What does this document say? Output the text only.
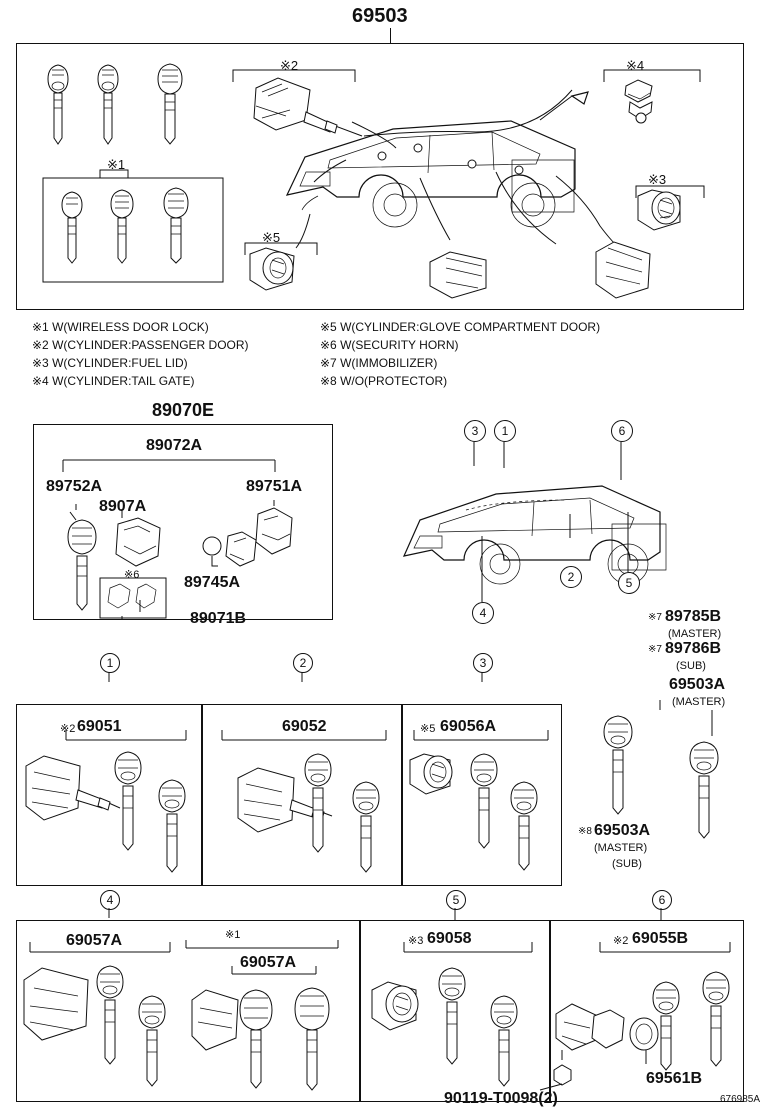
69503
※2	※4
※3
※5
※1
※1 W(WIRELESS DOOR LOCK)
※2 W(CYLINDER:PASSENGER DOOR)
※3 W(CYLINDER:FUEL LID)
※4 W(CYLINDER:TAIL GATE)
※5 W(CYLINDER:GLOVE COMPARTMENT DOOR)
※6 W(SECURITY HORN)
※7 W(IMMOBILIZER)
※8 W/O(PROTECTOR)
89070E
89072A
89752A
8907A
89751A
89745A
89071B
※6
3	1	6
2	5
4	※7 89785B
(MASTER)
※7 89786B
(SUB)
69503A
(MASTER)
※8 69503A
(MASTER)
(SUB)
1	2	3
※2 69051	69052	※5 69056A
4	5	6
69057A	※1
69057A
※3 69058	※2 69055B
69561B
90119-T0098(2)	676985A
